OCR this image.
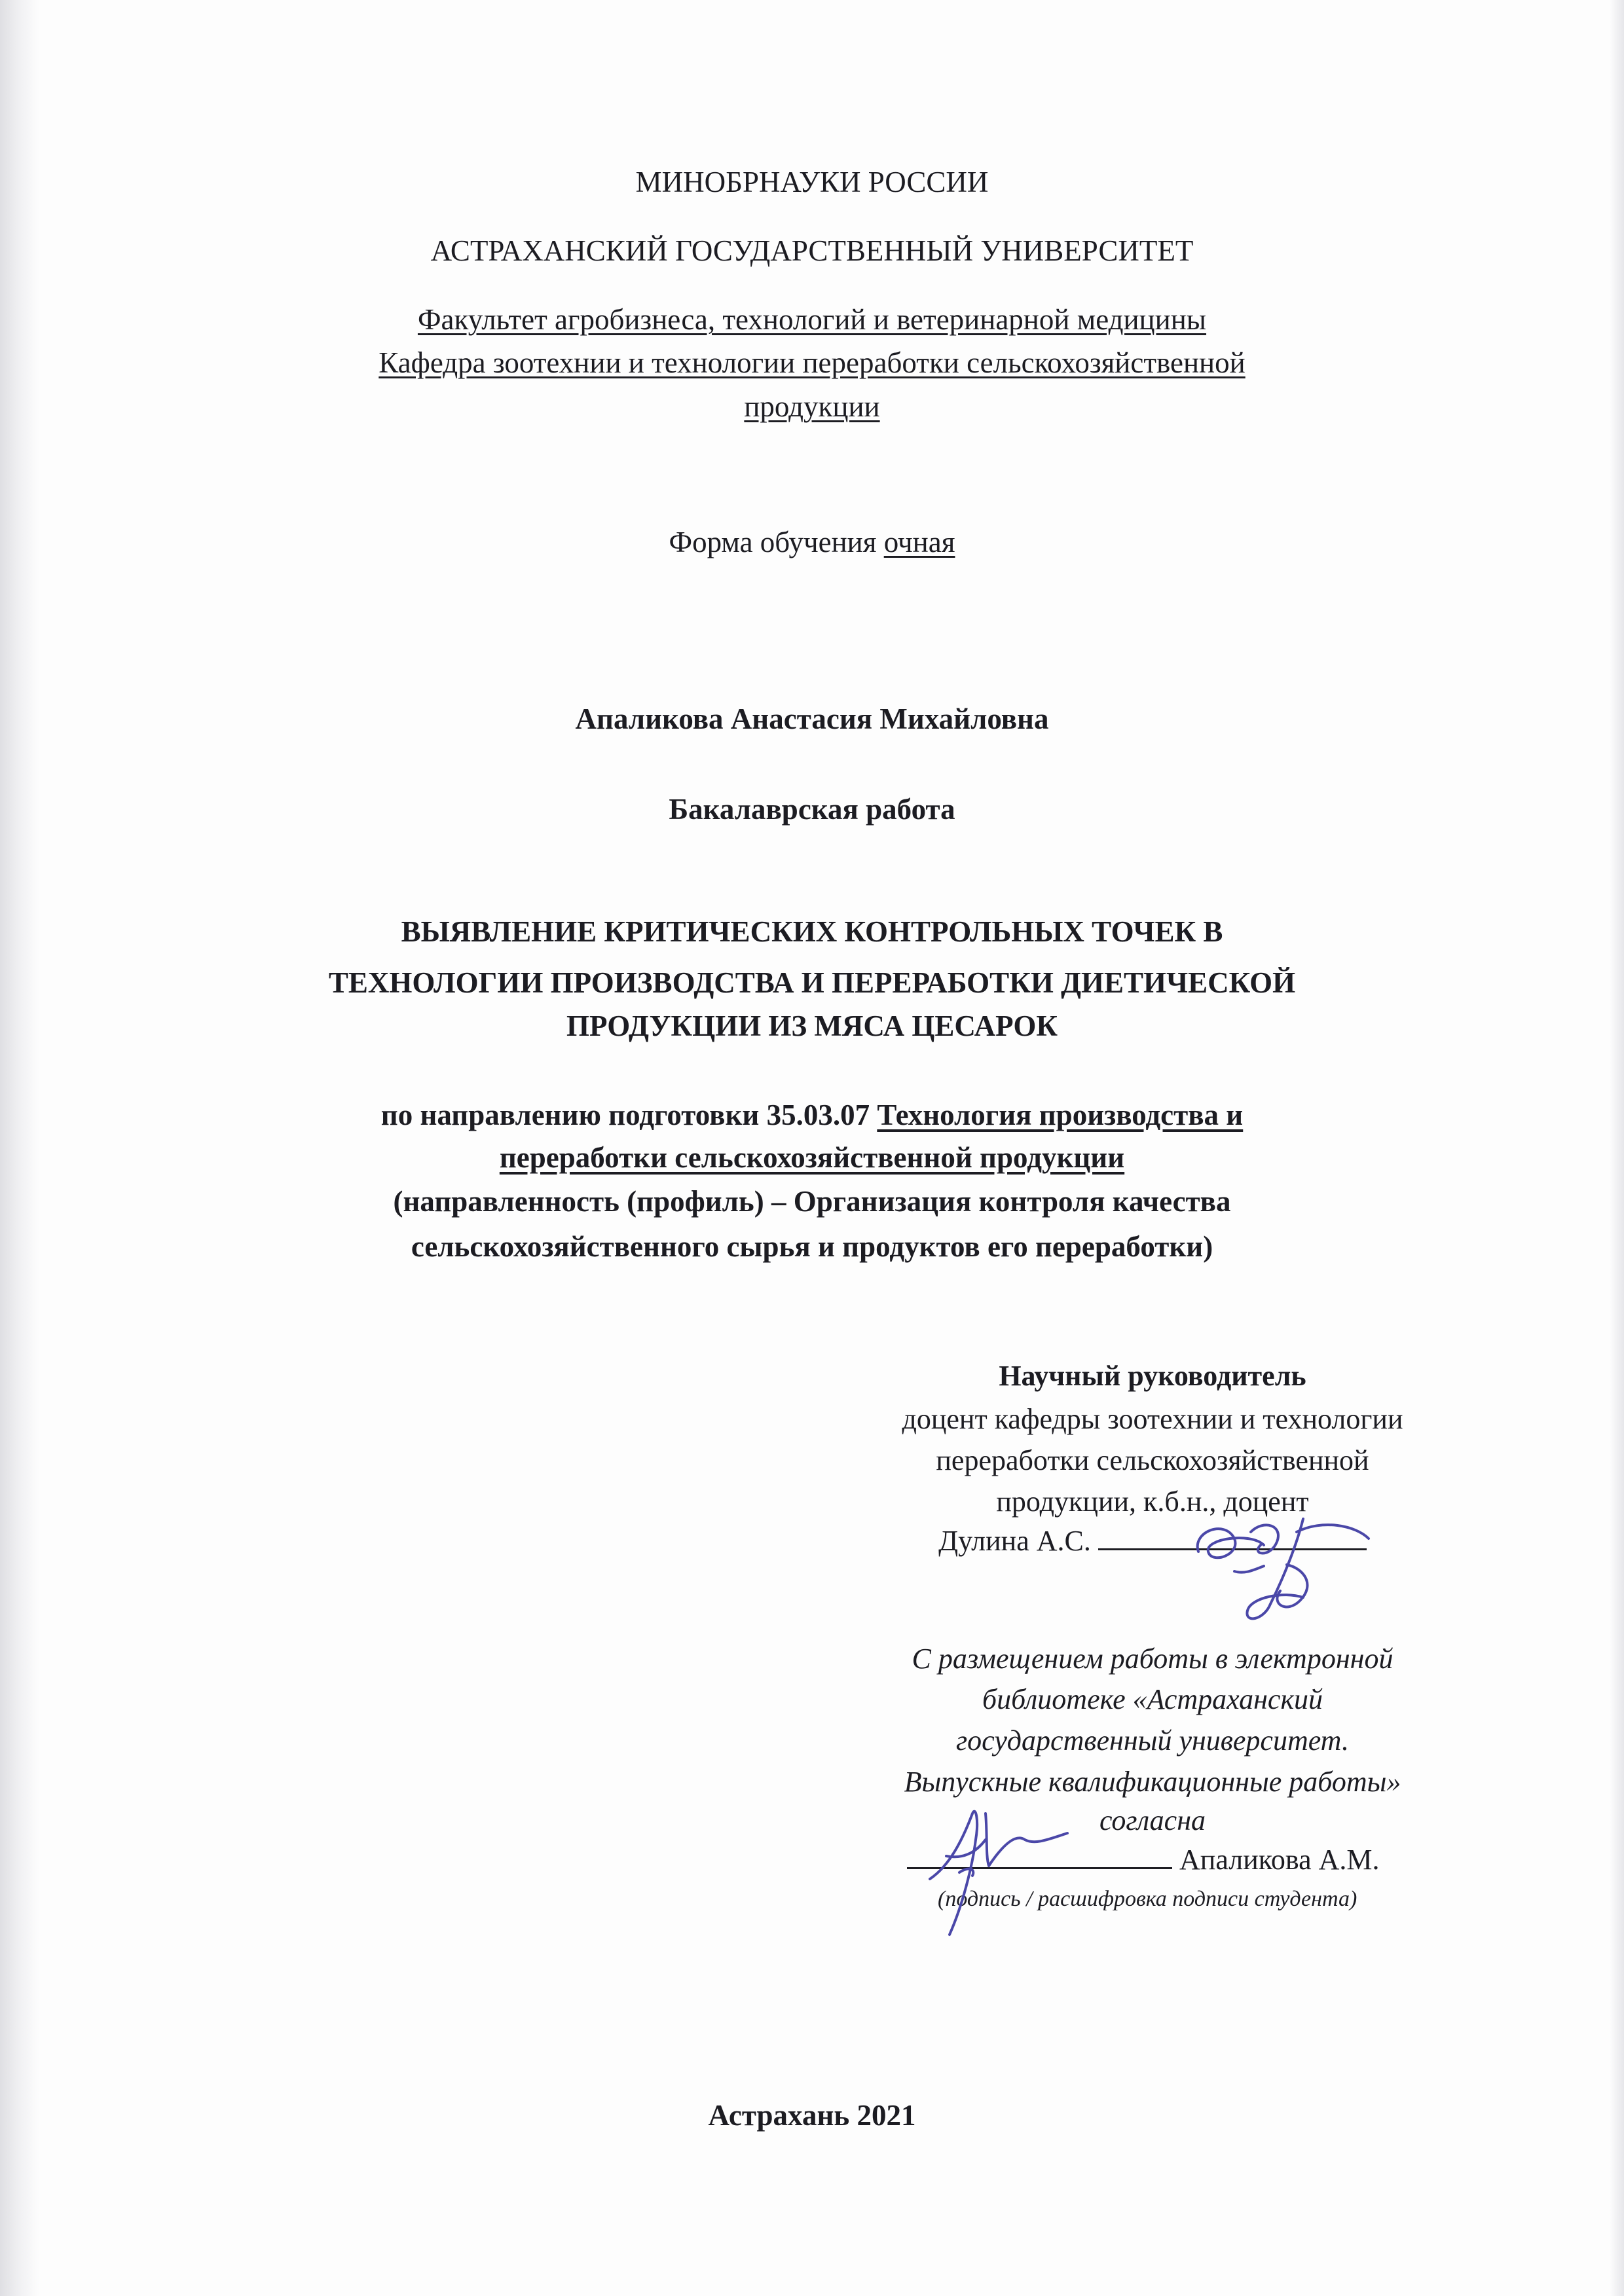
МИНОБРНАУКИ РОССИИ
АСТРАХАНСКИЙ ГОСУДАРСТВЕННЫЙ УНИВЕРСИТЕТ
Факультет агробизнеса, технологий и ветеринарной медицины
Кафедра зоотехнии и технологии переработки сельскохозяйственной
продукции
Форма обучения очная
Апаликова Анастасия Михайловна
Бакалаврская работа
ВЫЯВЛЕНИЕ КРИТИЧЕСКИХ КОНТРОЛЬНЫХ ТОЧЕК В
ТЕХНОЛОГИИ ПРОИЗВОДСТВА И ПЕРЕРАБОТКИ ДИЕТИЧЕСКОЙ
ПРОДУКЦИИ ИЗ МЯСА ЦЕСАРОК
по направлению подготовки 35.03.07 Технология производства и
переработки сельскохозяйственной продукции
(направленность (профиль) – Организация контроля качества
сельскохозяйственного сырья и продуктов его переработки)
Научный руководитель
доцент кафедры зоотехнии и технологии
переработки сельскохозяйственной
продукции, к.б.н., доцент
Дулина А.С.
С размещением работы в электронной
библиотеке «Астраханский
государственный университет.
Выпускные квалификационные работы»
согласна
Апаликова А.М.
(подпись / расшифровка подписи студента)
Астрахань 2021
